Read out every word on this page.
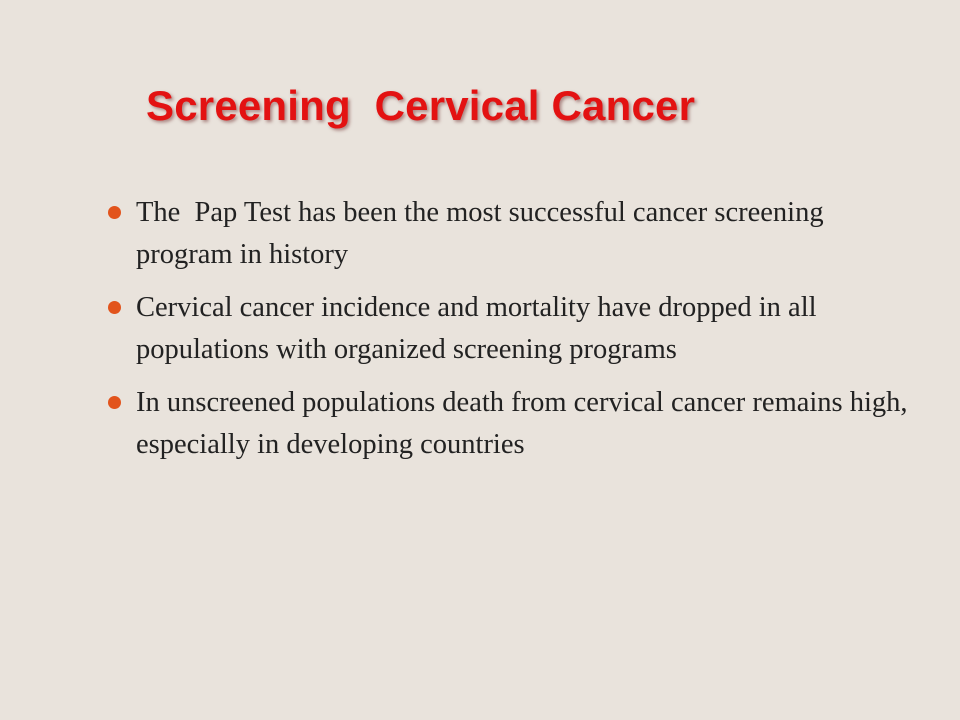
Screening  Cervical Cancer
The  Pap Test has been the most successful cancer screening program in history
Cervical cancer incidence and mortality have dropped in all populations with organized screening programs
In unscreened populations death from cervical cancer remains high, especially in developing countries
